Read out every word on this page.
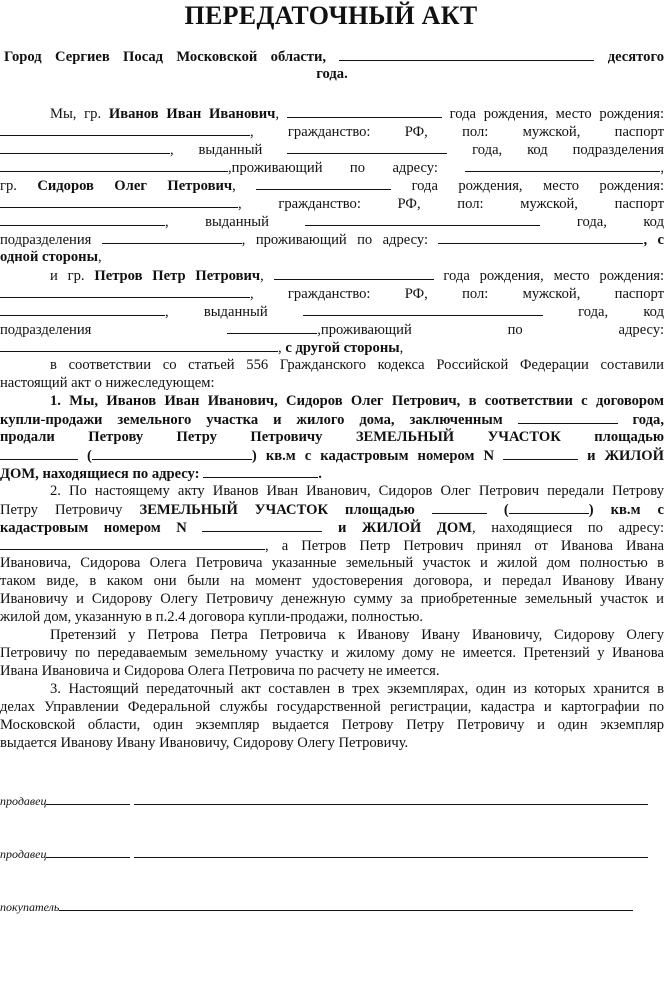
ПЕРЕДАТОЧНЫЙ АКТ
Город Сергиев Посад Московской области,	десятого
года.
Мы, гр. Иванов Иван Иванович,	года рождения, место рождения:
, гражданство: РФ, пол: мужской, паспорт
, выданный	года, код подразделения
,проживающий по адресу:	,
гр. Сидоров Олег Петрович,	года рождения, место рождения:
, гражданство: РФ, пол: мужской, паспорт
, выданный	года, код
подразделения	, проживающий по адресу:	, с
одной стороны,
и гр. Петров Петр Петрович,	года рождения, место рождения:
, гражданство: РФ, пол: мужской, паспорт
, выданный	года, код
подразделения	,проживающий по адресу:
, с другой стороны,
в соответствии со статьей 556 Гражданского кодекса Российской Федерации составили
настоящий акт о нижеследующем:
1. Мы, Иванов Иван Иванович, Сидоров Олег Петрович, в соответствии с договором
купли-продажи земельного участка и жилого дома, заключенным	года,
продали Петрову Петру Петровичу ЗЕМЕЛЬНЫЙ УЧАСТОК площадью
(	) кв.м с кадастровым номером N	и ЖИЛОЙ
ДОМ, находящиеся по адресу:	.
2. По настоящему акту Иванов Иван Иванович, Сидоров Олег Петрович передали Петрову
Петру Петровичу ЗЕМЕЛЬНЫЙ УЧАСТОК площадью	(	) кв.м с
кадастровым номером N	и ЖИЛОЙ ДОМ, находящиеся по адресу:
, а Петров Петр Петрович принял от Иванова Ивана
Ивановича, Сидорова Олега Петровича указанные земельный участок и жилой дом полностью в
таком виде, в каком они были на момент удостоверения договора, и передал Иванову Ивану
Ивановичу и Сидорову Олегу Петровичу денежную сумму за приобретенные земельный участок и
жилой дом, указанную в п.2.4 договора купли-продажи, полностью.
Претензий у Петрова Петра Петровича к Иванову Ивану Ивановичу, Сидорову Олегу
Петровичу по передаваемым земельному участку и жилому дому не имеется. Претензий у Иванова
Ивана Ивановича и Сидорова Олега Петровича по расчету не имеется.
3. Настоящий передаточный акт составлен в трех экземплярах, один из которых хранится в
делах Управлении Федеральной службы государственной регистрации, кадастра и картографии по
Московской области, один экземпляр выдается Петрову Петру Петровичу и один экземпляр
выдается Иванову Ивану Ивановичу, Сидорову Олегу Петровичу.
продавец
продавец
покупатель
